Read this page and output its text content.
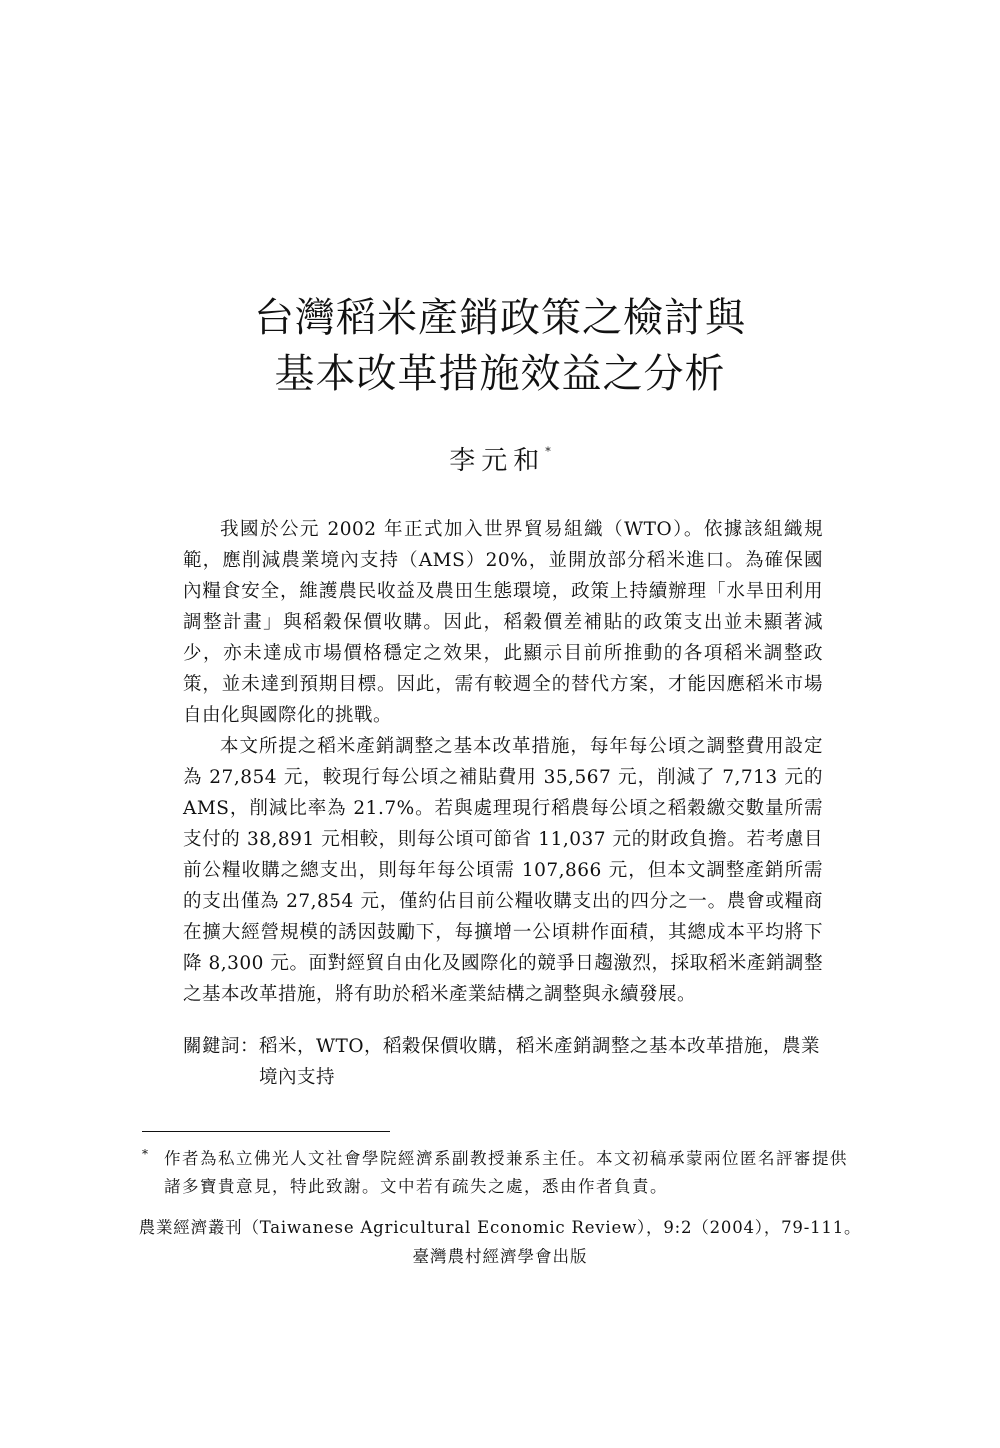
台灣稻米產銷政策之檢討與
基本改革措施效益之分析
李元和*

我國於公元 2002 年正式加入世界貿易組織（WTO）。依據該組織規範，應削減農業境內支持（AMS）20%，並開放部分稻米進口。為確保國內糧食安全，維護農民收益及農田生態環境，政策上持續辦理「水旱田利用調整計畫」與稻穀保價收購。因此，稻穀價差補貼的政策支出並未顯著減少，亦未達成市場價格穩定之效果，此顯示目前所推動的各項稻米調整政策，並未達到預期目標。因此，需有較週全的替代方案，才能因應稻米市場自由化與國際化的挑戰。

本文所提之稻米產銷調整之基本改革措施，每年每公頃之調整費用設定為 27,854 元，較現行每公頃之補貼費用 35,567 元，削減了 7,713 元的AMS，削減比率為 21.7%。若與處理現行稻農每公頃之稻穀繳交數量所需支付的 38,891 元相較，則每公頃可節省 11,037 元的財政負擔。若考慮目前公糧收購之總支出，則每年每公頃需 107,866 元，但本文調整產銷所需的支出僅為 27,854 元，僅約佔目前公糧收購支出的四分之一。農會或糧商在擴大經營規模的誘因鼓勵下，每擴增一公頃耕作面積，其總成本平均將下降 8,300 元。面對經貿自由化及國際化的競爭日趨激烈，採取稻米產銷調整之基本改革措施，將有助於稻米產業結構之調整與永續發展。

關鍵詞： 稻米，WTO，稻穀保價收購，稻米產銷調整之基本改革措施，農業境內支持
* 作者為私立佛光人文社會學院經濟系副教授兼系主任。本文初稿承蒙兩位匿名評審提供諸多寶貴意見，特此致謝。文中若有疏失之處，悉由作者負責。
農業經濟叢刊（Taiwanese Agricultural Economic Review），9:2（2004），79-111。
臺灣農村經濟學會出版
